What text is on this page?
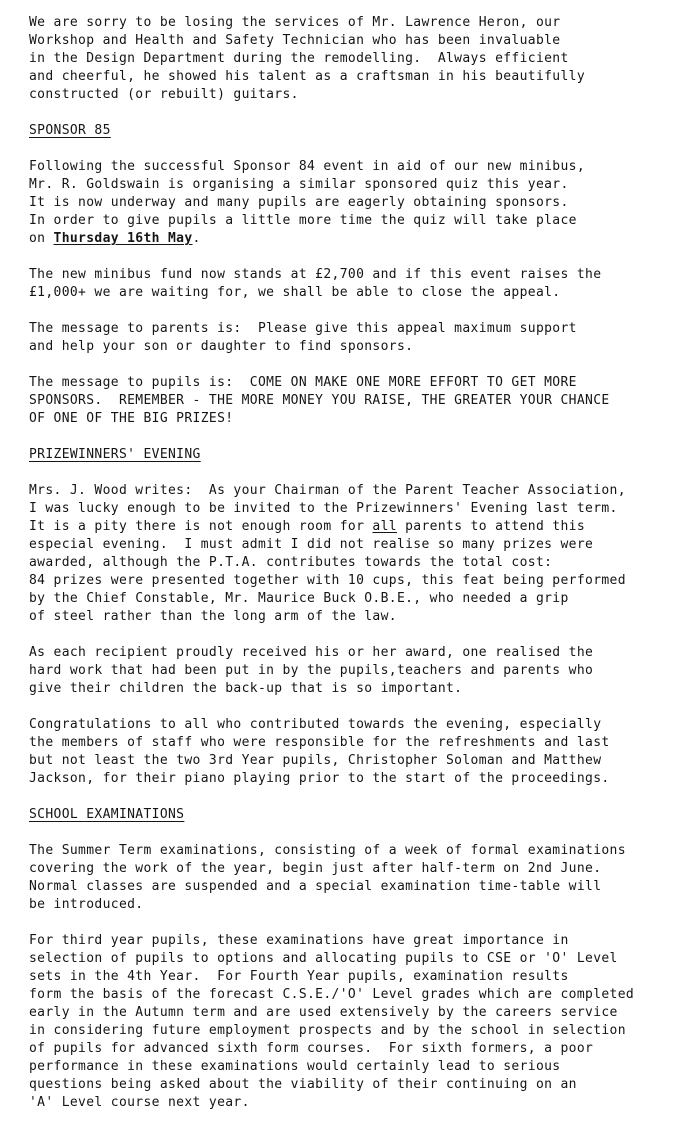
We are sorry to be losing the services of Mr. Lawrence Heron, our
Workshop and Health and Safety Technician who has been invaluable
in the Design Department during the remodelling.  Always efficient
and cheerful, he showed his talent as a craftsman in his beautifully
constructed (or rebuilt) guitars.
SPONSOR 85
Following the successful Sponsor 84 event in aid of our new minibus,
Mr. R. Goldswain is organising a similar sponsored quiz this year.
It is now underway and many pupils are eagerly obtaining sponsors.
In order to give pupils a little more time the quiz will take place
on Thursday 16th May.
The new minibus fund now stands at £2,700 and if this event raises the
£1,000+ we are waiting for, we shall be able to close the appeal.
The message to parents is:  Please give this appeal maximum support
and help your son or daughter to find sponsors.
The message to pupils is:  COME ON MAKE ONE MORE EFFORT TO GET MORE
SPONSORS.  REMEMBER - THE MORE MONEY YOU RAISE, THE GREATER YOUR CHANCE
OF ONE OF THE BIG PRIZES!
PRIZEWINNERS' EVENING
Mrs. J. Wood writes:  As your Chairman of the Parent Teacher Association,
I was lucky enough to be invited to the Prizewinners' Evening last term.
It is a pity there is not enough room for all parents to attend this
especial evening.  I must admit I did not realise so many prizes were
awarded, although the P.T.A. contributes towards the total cost:
84 prizes were presented together with 10 cups, this feat being performed
by the Chief Constable, Mr. Maurice Buck O.B.E., who needed a grip
of steel rather than the long arm of the law.
As each recipient proudly received his or her award, one realised the
hard work that had been put in by the pupils,teachers and parents who
give their children the back-up that is so important.
Congratulations to all who contributed towards the evening, especially
the members of staff who were responsible for the refreshments and last
but not least the two 3rd Year pupils, Christopher Soloman and Matthew
Jackson, for their piano playing prior to the start of the proceedings.
SCHOOL EXAMINATIONS
The Summer Term examinations, consisting of a week of formal examinations
covering the work of the year, begin just after half-term on 2nd June.
Normal classes are suspended and a special examination time-table will
be introduced.
For third year pupils, these examinations have great importance in
selection of pupils to options and allocating pupils to CSE or 'O' Level
sets in the 4th Year.  For Fourth Year pupils, examination results
form the basis of the forecast C.S.E./'O' Level grades which are completed
early in the Autumn term and are used extensively by the careers service
in considering future employment prospects and by the school in selection
of pupils for advanced sixth form courses.  For sixth formers, a poor
performance in these examinations would certainly lead to serious
questions being asked about the viability of their continuing on an
'A' Level course next year.
